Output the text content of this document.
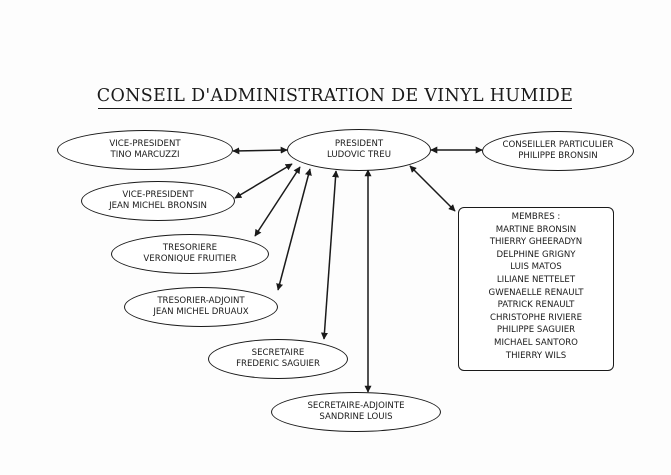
CONSEIL D'ADMINISTRATION DE VINYL HUMIDE
PRESIDENT
LUDOVIC TREU
CONSEILLER PARTICULIER
PHILIPPE BRONSIN
VICE-PRESIDENT
TINO MARCUZZI
VICE-PRESIDENT
JEAN MICHEL BRONSIN
TRESORIERE
VERONIQUE FRUITIER
TRESORIER-ADJOINT
JEAN MICHEL DRUAUX
SECRETAIRE
FREDERIC SAGUIER
SECRETAIRE-ADJOINTE
SANDRINE LOUIS
MEMBRES :
MARTINE BRONSIN
THIERRY GHEERADYN
DELPHINE GRIGNY
LUIS MATOS
LILIANE NETTELET
GWENAELLE RENAULT
PATRICK RENAULT
CHRISTOPHE RIVIERE
PHILIPPE SAGUIER
MICHAEL SANTORO
THIERRY WILS
